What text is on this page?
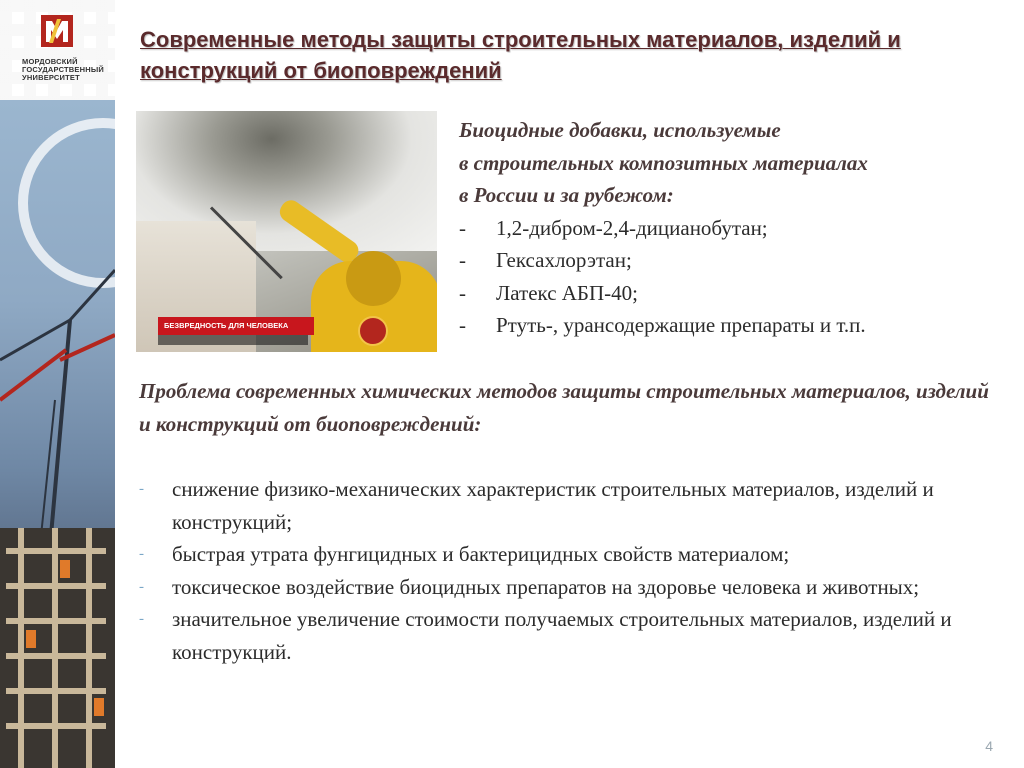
МОРДОВСКИЙ ГОСУДАРСТВЕННЫЙ УНИВЕРСИТЕТ
Современные методы защиты строительных материалов, изделий и конструкций от биоповреждений
БЕЗВРЕДНОСТЬ ДЛЯ ЧЕЛОВЕКА
Биоцидные добавки, используемые
в строительных композитных материалах
в России и за рубежом:
- 1,2-дибром-2,4-дицианобутан;
- Гексахлорэтан;
- Латекс АБП-40;
- Ртуть-, урансодержащие препараты и т.п.
Проблема современных химических методов защиты строительных материалов, изделий и конструкций от биоповреждений:
- снижение физико-механических характеристик строительных материалов, изделий и конструкций;
- быстрая утрата фунгицидных и бактерицидных свойств материалом;
- токсическое воздействие биоцидных препаратов на здоровье человека и животных;
- значительное увеличение стоимости получаемых строительных материалов, изделий и конструкций.
4
